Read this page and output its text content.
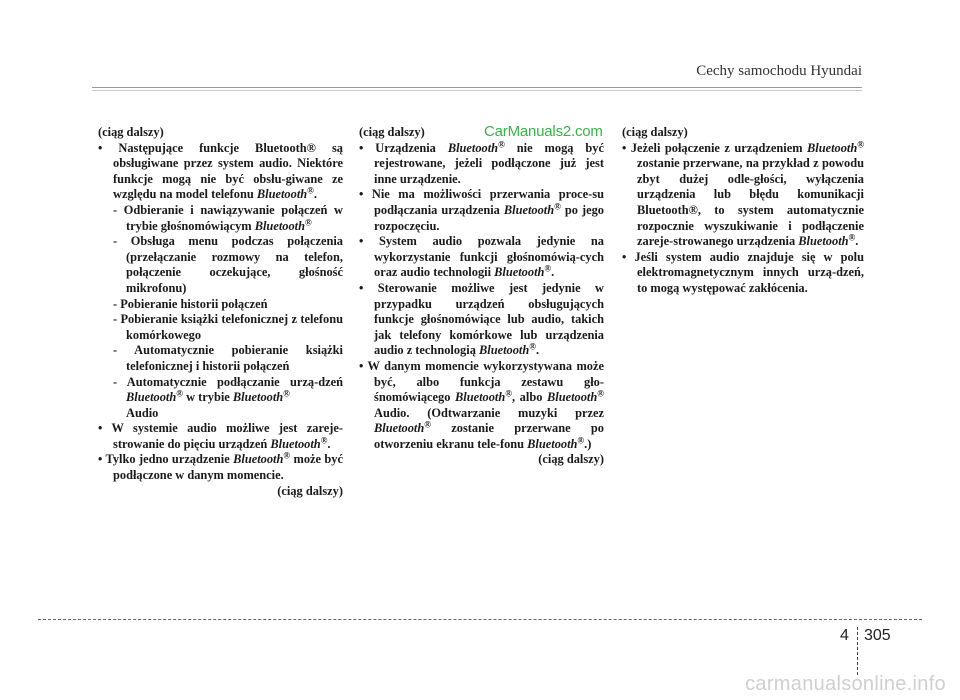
Cechy samochodu Hyundai
CarManuals2.com

(ciąg dalszy)

• Następujące funkcje Bluetooth® są obsługiwane przez system audio. Niektóre funkcje mogą nie być obsłu-giwane ze względu na model telefonu Bluetooth®.

- Odbieranie i nawiązywanie połączeń w trybie głośnomówiącym Bluetooth®

- Obsługa menu podczas połączenia (przełączanie rozmowy na telefon, połączenie oczekujące, głośność mikrofonu)

- Pobieranie historii połączeń

- Pobieranie książki telefonicznej z telefonu komórkowego

- Automatycznie pobieranie książki telefonicznej i historii połączeń

- Automatycznie podłączanie urzą-dzeń Bluetooth® w trybie Bluetooth®
Audio

• W systemie audio możliwe jest zareje-strowanie do pięciu urządzeń Bluetooth®.

• Tylko jedno urządzenie Bluetooth® może być podłączone w danym momencie.

(ciąg dalszy)

(ciąg dalszy)

• Urządzenia Bluetooth® nie mogą być rejestrowane, jeżeli podłączone już jest inne urządzenie.

• Nie ma możliwości przerwania proce-su podłączania urządzenia Bluetooth® po jego rozpoczęciu.

• System audio pozwala jedynie na wykorzystanie funkcji głośnomówią-cych oraz audio technologii Bluetooth®.

• Sterowanie możliwe jest jedynie w przypadku urządzeń obsługujących funkcje głośnomówiące lub audio, takich jak telefony komórkowe lub urządzenia audio z technologią Bluetooth®.

• W danym momencie wykorzystywana może być, albo funkcja zestawu gło-śnomówiącego Bluetooth®, albo Bluetooth® Audio. (Odtwarzanie muzyki przez Bluetooth® zostanie przerwane po otworzeniu ekranu tele-fonu Bluetooth®.)

(ciąg dalszy)

(ciąg dalszy)

• Jeżeli połączenie z urządzeniem Bluetooth® zostanie przerwane, na przykład z powodu zbyt dużej odle-głości, wyłączenia urządzenia lub błędu komunikacji Bluetooth®, to system automatycznie rozpocznie wyszukiwanie i podłączenie zareje-strowanego urządzenia Bluetooth®.

• Jeśli system audio znajduje się w polu elektromagnetycznym innych urzą-dzeń, to mogą występować zakłócenia.

4 305
carmanualsonline.info
